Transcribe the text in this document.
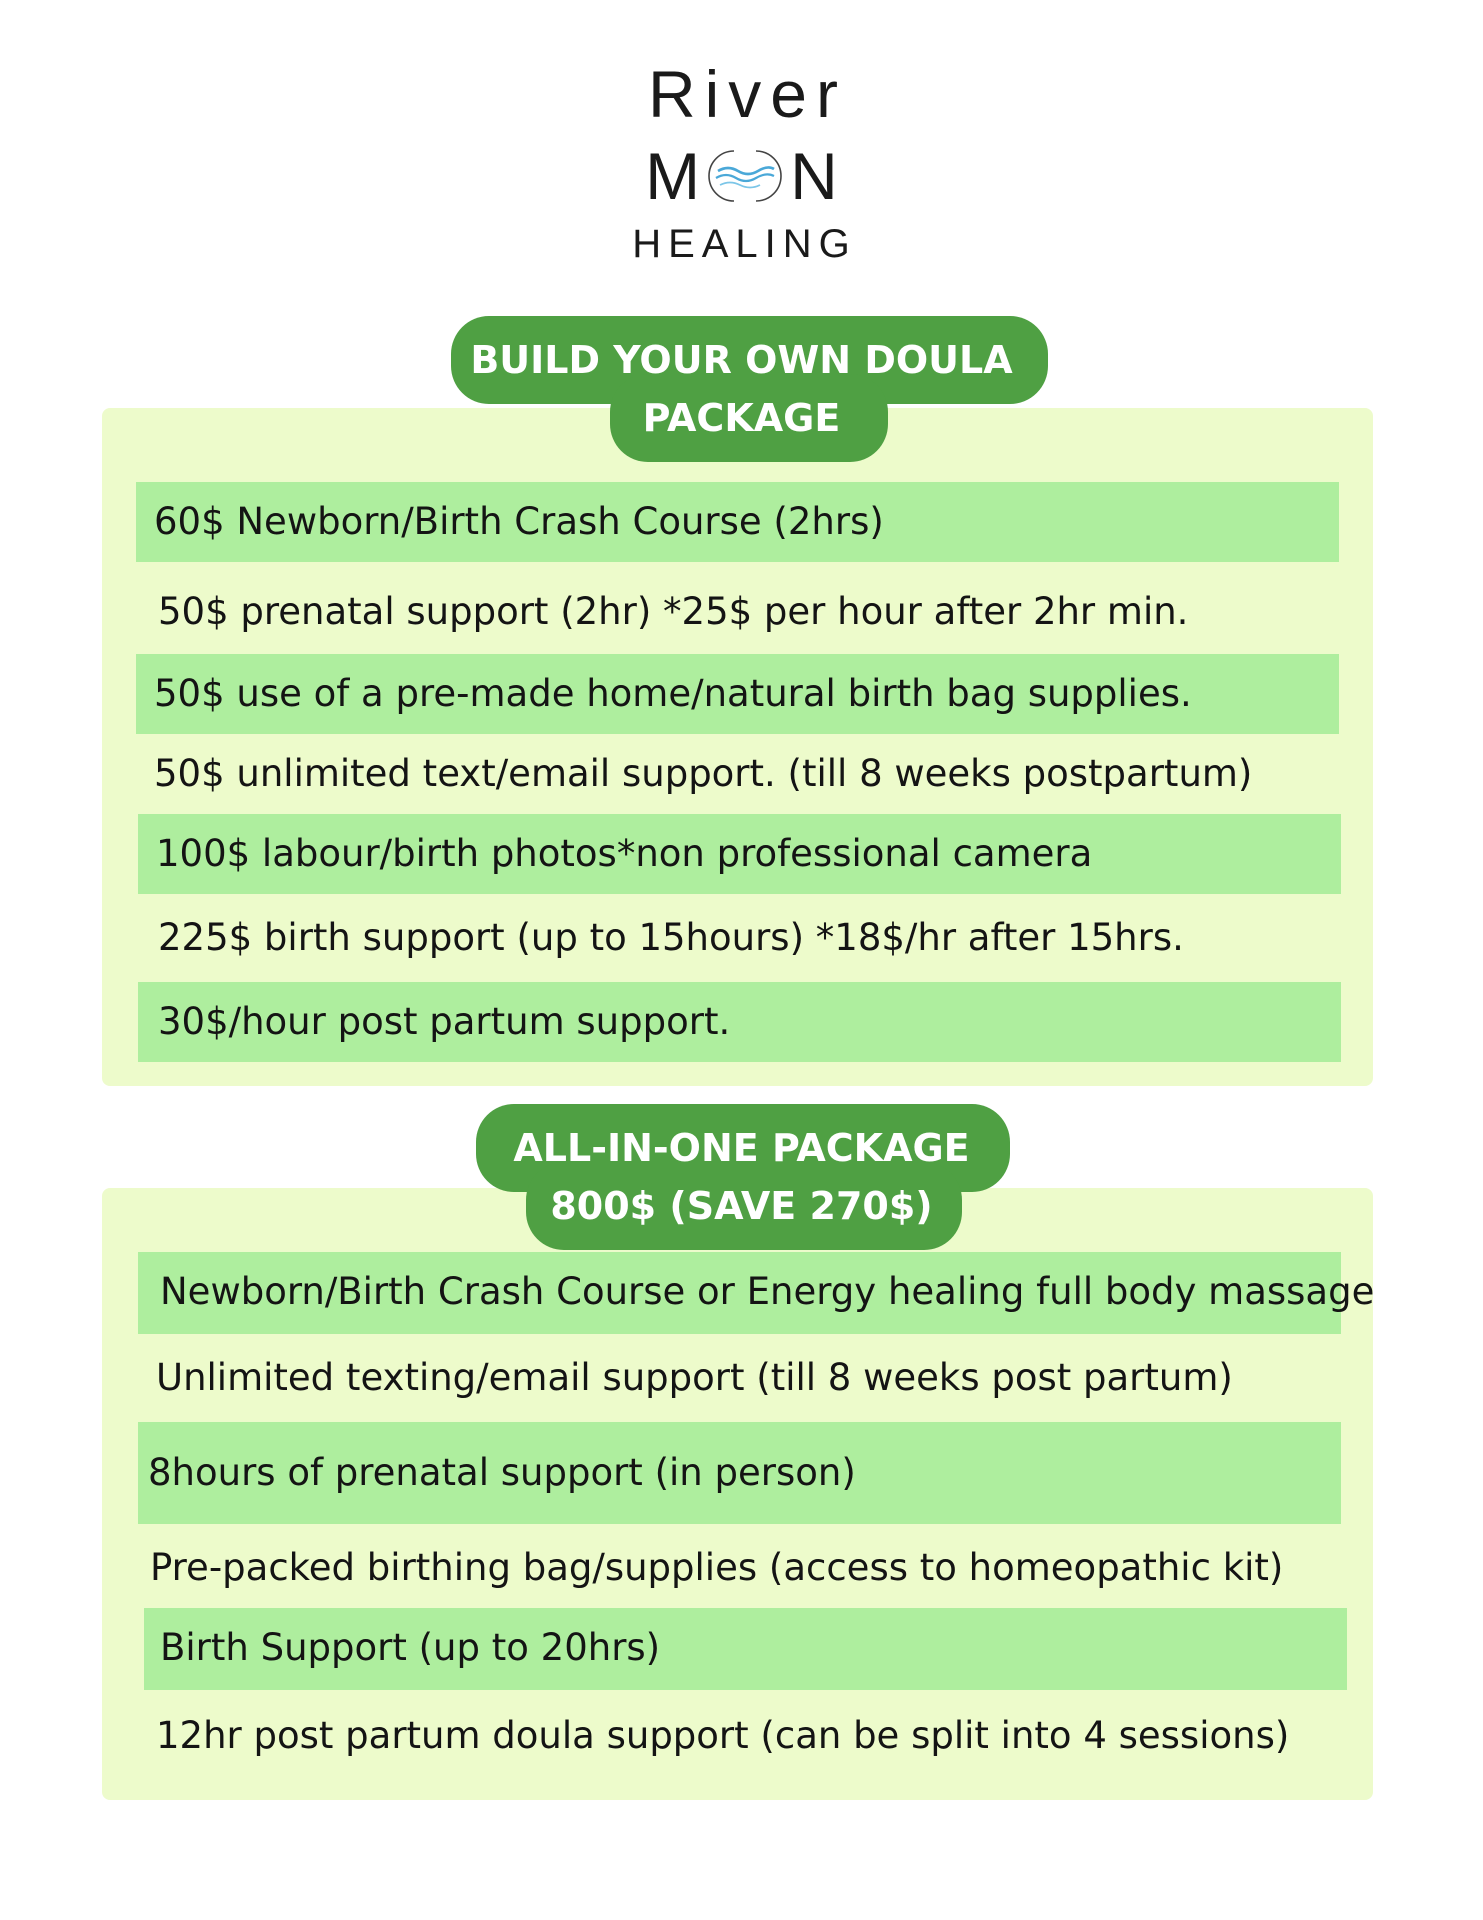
River
M N
HEALING
60$ Newborn/Birth Crash Course (2hrs)
50$ prenatal support (2hr) *25$ per hour after 2hr min.
50$ use of a pre-made home/natural birth bag supplies.
50$ unlimited text/email support. (till 8 weeks postpartum)
100$ labour/birth photos*non professional camera
225$ birth support (up to 15hours) *18$/hr after 15hrs.
30$/hour post partum support.
BUILD YOUR OWN DOULA
PACKAGE
Newborn/Birth Crash Course or Energy healing full body massage
Unlimited texting/email support (till 8 weeks post partum)
8hours of prenatal support (in person)
Pre-packed birthing bag/supplies (access to homeopathic kit)
Birth Support (up to 20hrs)
12hr post partum doula support (can be split into 4 sessions)
ALL-IN-ONE PACKAGE
800$ (SAVE 270$)
